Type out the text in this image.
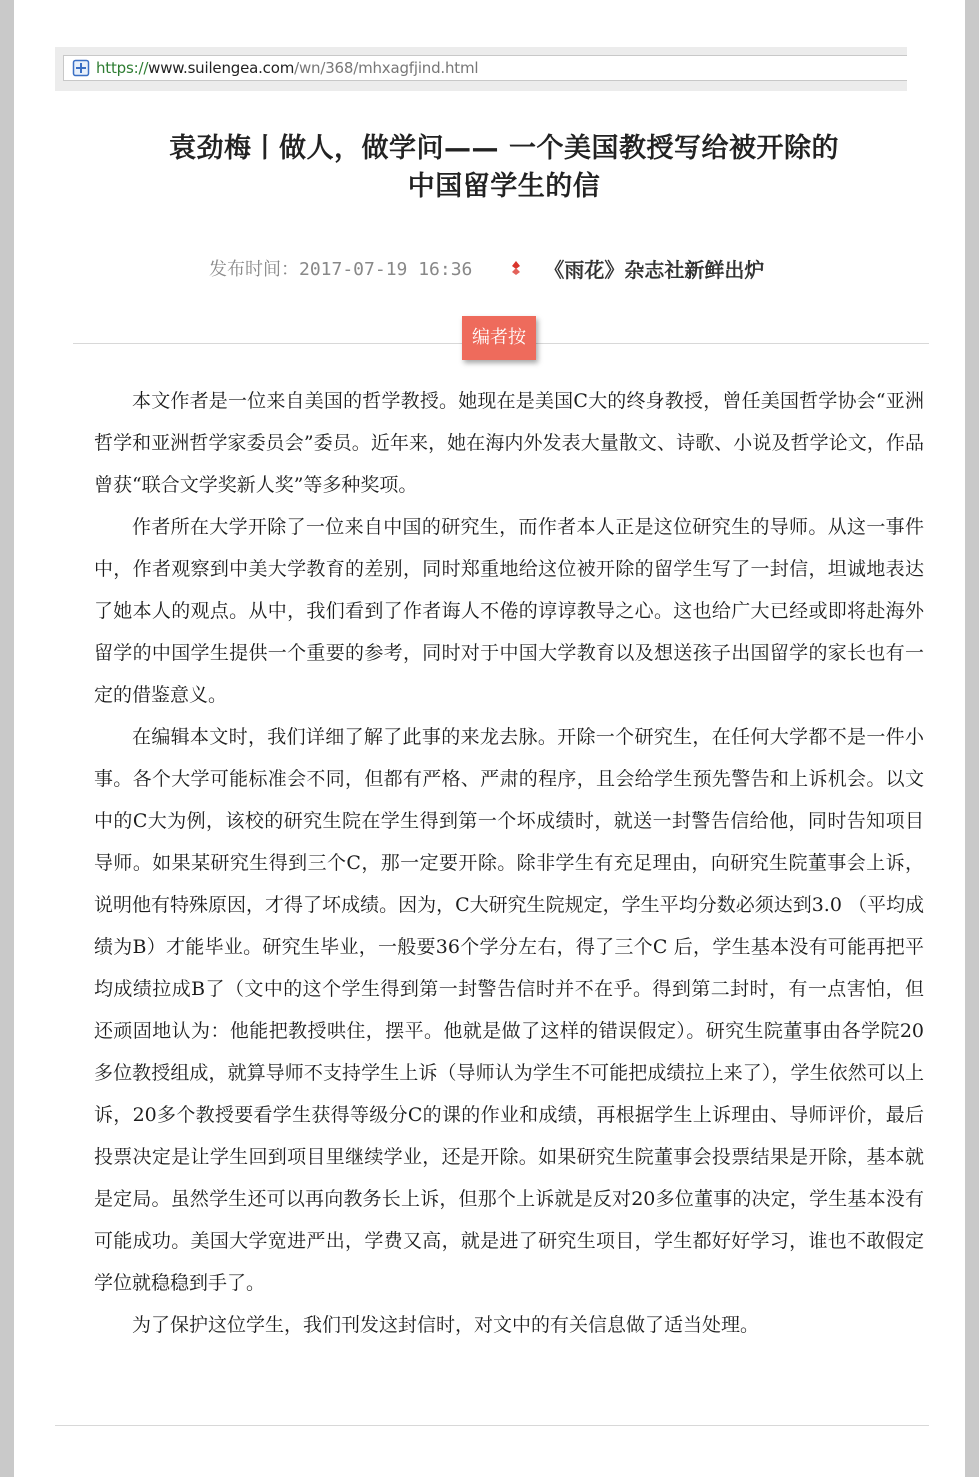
https://www.suilengea.com/wn/368/mhxagfjind.html
袁劲梅丨做人，做学问—— 一个美国教授写给被开除的
中国留学生的信
发布时间：2017-07-19 16:36	《雨花》杂志社新鲜出炉
编者按

本文作者是一位来自美国的哲学教授。她现在是美国C大的终身教授，曾任美国哲学协会“亚洲哲学和亚洲哲学家委员会”委员。近年来，她在海内外发表大量散文、诗歌、小说及哲学论文，作品曾获“联合文学奖新人奖”等多种奖项。

作者所在大学开除了一位来自中国的研究生，而作者本人正是这位研究生的导师。从这一事件中，作者观察到中美大学教育的差别，同时郑重地给这位被开除的留学生写了一封信，坦诚地表达了她本人的观点。从中，我们看到了作者诲人不倦的谆谆教导之心。这也给广大已经或即将赴海外留学的中国学生提供一个重要的参考，同时对于中国大学教育以及想送孩子出国留学的家长也有一定的借鉴意义。

在编辑本文时，我们详细了解了此事的来龙去脉。开除一个研究生，在任何大学都不是一件小事。各个大学可能标准会不同，但都有严格、严肃的程序，且会给学生预先警告和上诉机会。以文中的C大为例，该校的研究生院在学生得到第一个坏成绩时，就送一封警告信给他，同时告知项目导师。如果某研究生得到三个C，那一定要开除。除非学生有充足理由，向研究生院董事会上诉，说明他有特殊原因，才得了坏成绩。因为，C大研究生院规定，学生平均分数必须达到3.0 （平均成绩为B）才能毕业。研究生毕业，一般要36个学分左右，得了三个C 后，学生基本没有可能再把平均成绩拉成B了（文中的这个学生得到第一封警告信时并不在乎。得到第二封时，有一点害怕，但还顽固地认为：他能把教授哄住，摆平。他就是做了这样的错误假定）。研究生院董事由各学院20多位教授组成，就算导师不支持学生上诉（导师认为学生不可能把成绩拉上来了），学生依然可以上诉，20多个教授要看学生获得等级分C的课的作业和成绩，再根据学生上诉理由、导师评价，最后投票决定是让学生回到项目里继续学业，还是开除。如果研究生院董事会投票结果是开除，基本就是定局。虽然学生还可以再向教务长上诉，但那个上诉就是反对20多位董事的决定，学生基本没有可能成功。美国大学宽进严出，学费又高，就是进了研究生项目，学生都好好学习，谁也不敢假定学位就稳稳到手了。

为了保护这位学生，我们刊发这封信时，对文中的有关信息做了适当处理。
